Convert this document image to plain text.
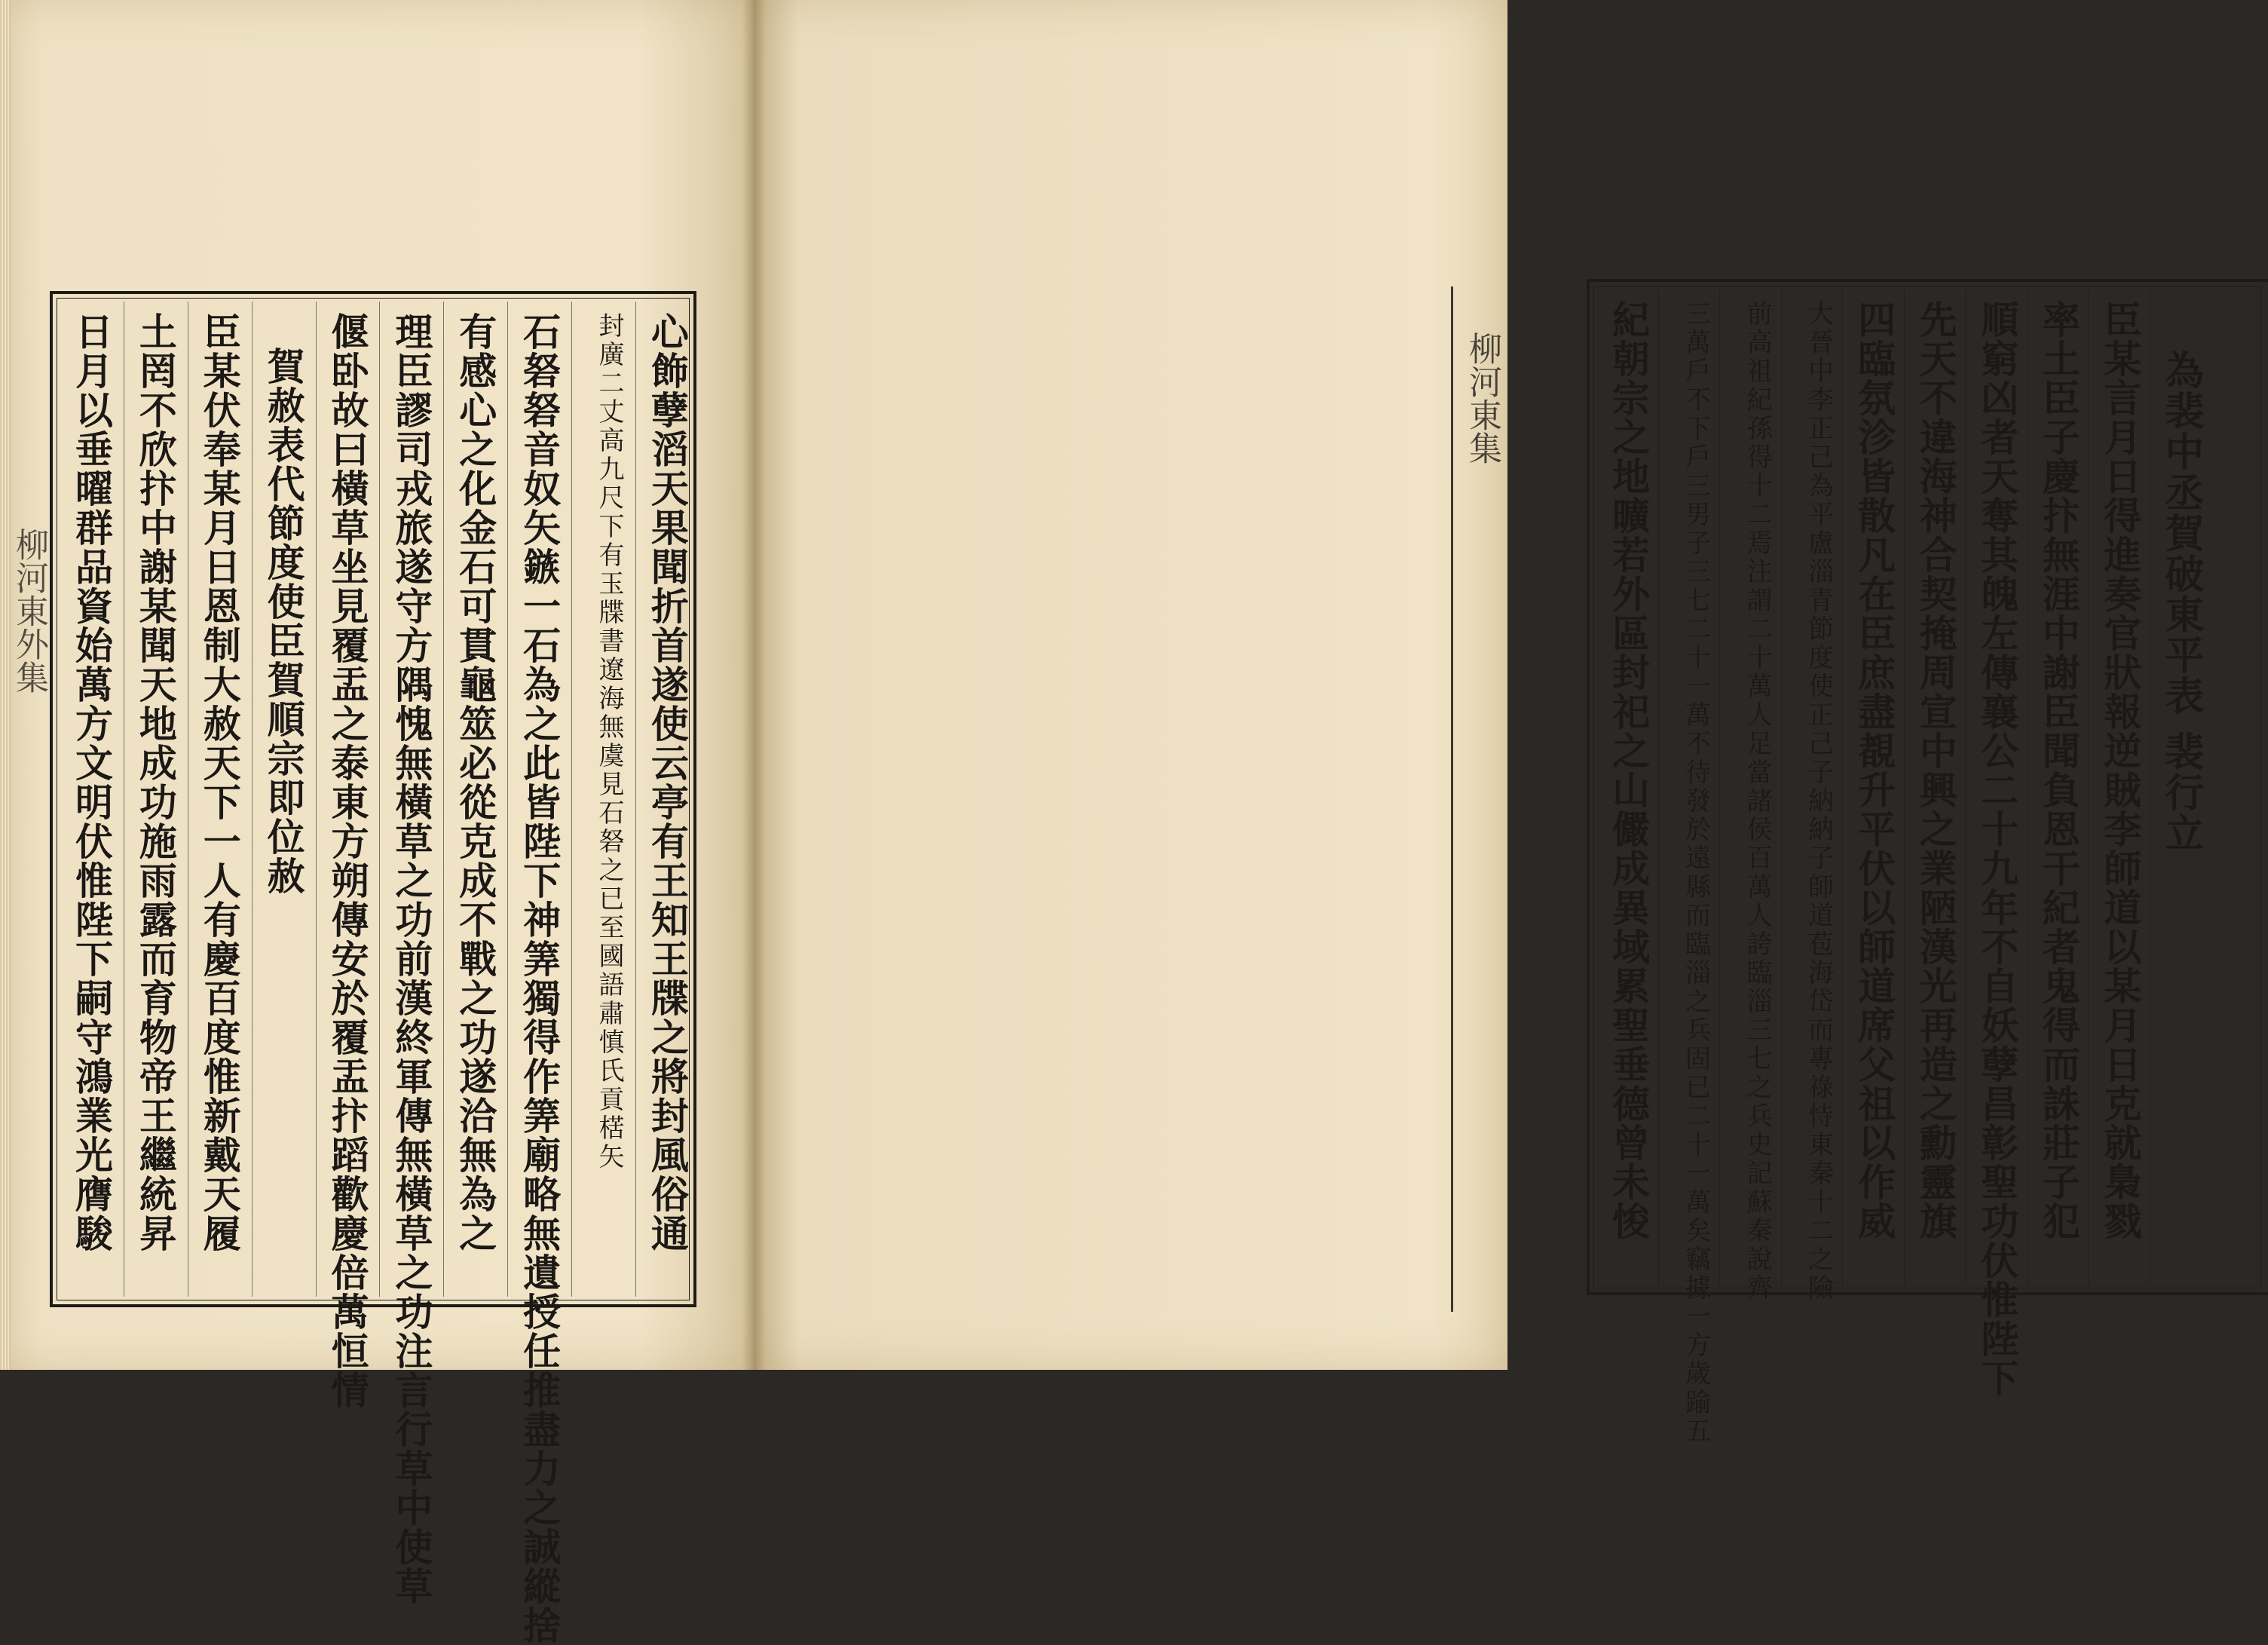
柳河東外集	心飾孽滔天果聞折首遂使云亭有王知王牒之將封風俗通
封廣二丈高九尺下有玉牒書遼海無虞見石砮之已至國語肅慎氏貢楛矢
石砮砮音奴矢鏃一石為之此皆陛下神筭獨得作筭廟略無遺授任推盡力之誠縱捨
有感心之化金石可貫龜筮必從克成不戰之功遂洽無為之
理臣謬司戎旅遂守方隅愧無橫草之功前漢終軍傳無橫草之功注言行草中使草
偃卧故曰橫草坐見覆盂之泰東方朔傳安於覆盂抃蹈歡慶倍萬恒情
賀赦表代節度使臣賀順宗即位赦
臣某伏奉某月日恩制大赦天下一人有慶百度惟新戴天履
土罔不欣抃中謝某聞天地成功施雨露而育物帝王繼統昇
日月以垂曜群品資始萬方文明伏惟陛下嗣守鴻業光膺駿	為裴中丞賀破東平表 裴行立
臣某言月日得進奏官狀報逆賊李師道以某月日克就梟戮
率土臣子慶抃無涯中謝臣聞負恩干紀者鬼得而誅莊子犯
順窮凶者天奪其魄左傳襄公二十九年不自妖孽昌彰聖功伏惟陛下
先天不違海神合契掩周宣中興之業陋漢光再造之勳靈旗
四臨氛沴皆散凡在臣庶盡覩升平伏以師道席父祖以作威
大晉中李正己為平盧淄青節度使正己子納納子師道苞海岱而專祿恃東秦十二之險
前高祖紀孫得十二焉注謂二十萬人足當諸侯百萬人誇臨淄三七之兵史記蘇秦說齊
三萬戶不下戶三男子三七二十一萬不待發於遠縣而臨淄之兵固已二十一萬矣竊據一方歲踰五
紀朝宗之地曠若外區封祀之山儼成異域累聖垂德曾未悛
柳河東集
